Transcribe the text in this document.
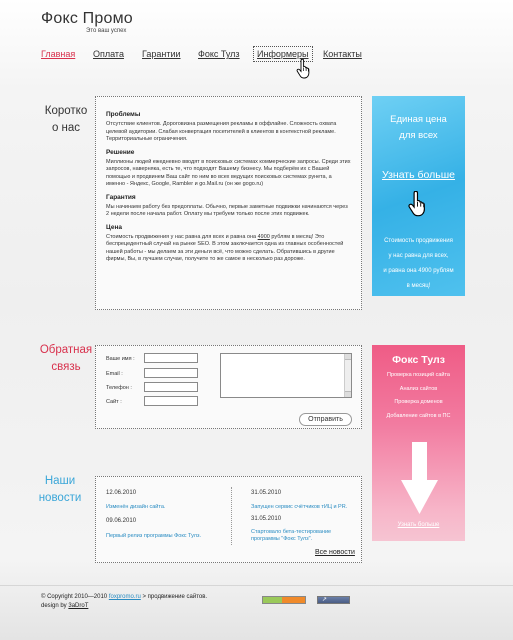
Фокс Промо
Это ваш успех
Главная Оплата Гарантии Фокс Тулз	Информеры	Контакты
Коротко
о нас
Проблемы

Отсутствие клиентов. Дороговизна размещения рекламы в оффлайне. Сложность охвата целевой аудитории. Слабая конвертация посетителей в клиентов в контекстной рекламе. Территориальные ограничения.

Решение

Миллионы людей ежедневно вводят в поисковых системах коммерческие запросы. Среди этих запросов, наверняка, есть те, что подходят Вашему бизнесу. Мы подберём их с Вашей помощью и продвинем Ваш сайт по ним во всех ведущих поисковых системах рунета, а именно - Яндекс, Google, Rambler и go.Mail.ru (он же gogo.ru)

Гарантия

Мы начинаем работу без предоплаты. Обычно, первые заметные подвижки начинаются через 2 недели после начала работ. Оплату мы требуем только после этих подвижек.

Цена

Стоимость продвижения у нас равна для всех и равна она 4900 рублям в месяц! Это беспрецедентный случай на рынке SEO. В этом заключается одна из главных особенностей нашей работы - мы делаем за эти деньги всё, что можно сделать. Обратившись в другие фирмы, Вы, в лучшем случае, получите то же самое в несколько раз дороже.

Единая цена
для всех
Узнать больше
Стоимость продвижения
у нас равна для всех,
и равна она 4900 рублям
в месяц!
Обратная
связь
Ваше имя :
Email :
Телефон :
Сайт :
Отправить
Фокс Тулз
Проверка позиций сайта
Анализ сайтов
Проверка доменов
Добавление сайтов в ПС
Узнать больше
Наши
новости	12.06.2010
Изменён дизайн сайта.
09.06.2010
Первый релиз программы Фокс Тулз.
31.05.2010
Запущен сервис счётчиков тИЦ и PR.
31.05.2010
Стартовало бета-тестирование программы "Фокс Тулз".
Все новости
© Copyright 2010—2010 foxpromo.ru > продвижение сайтов.
design by 3aDroT
↗
